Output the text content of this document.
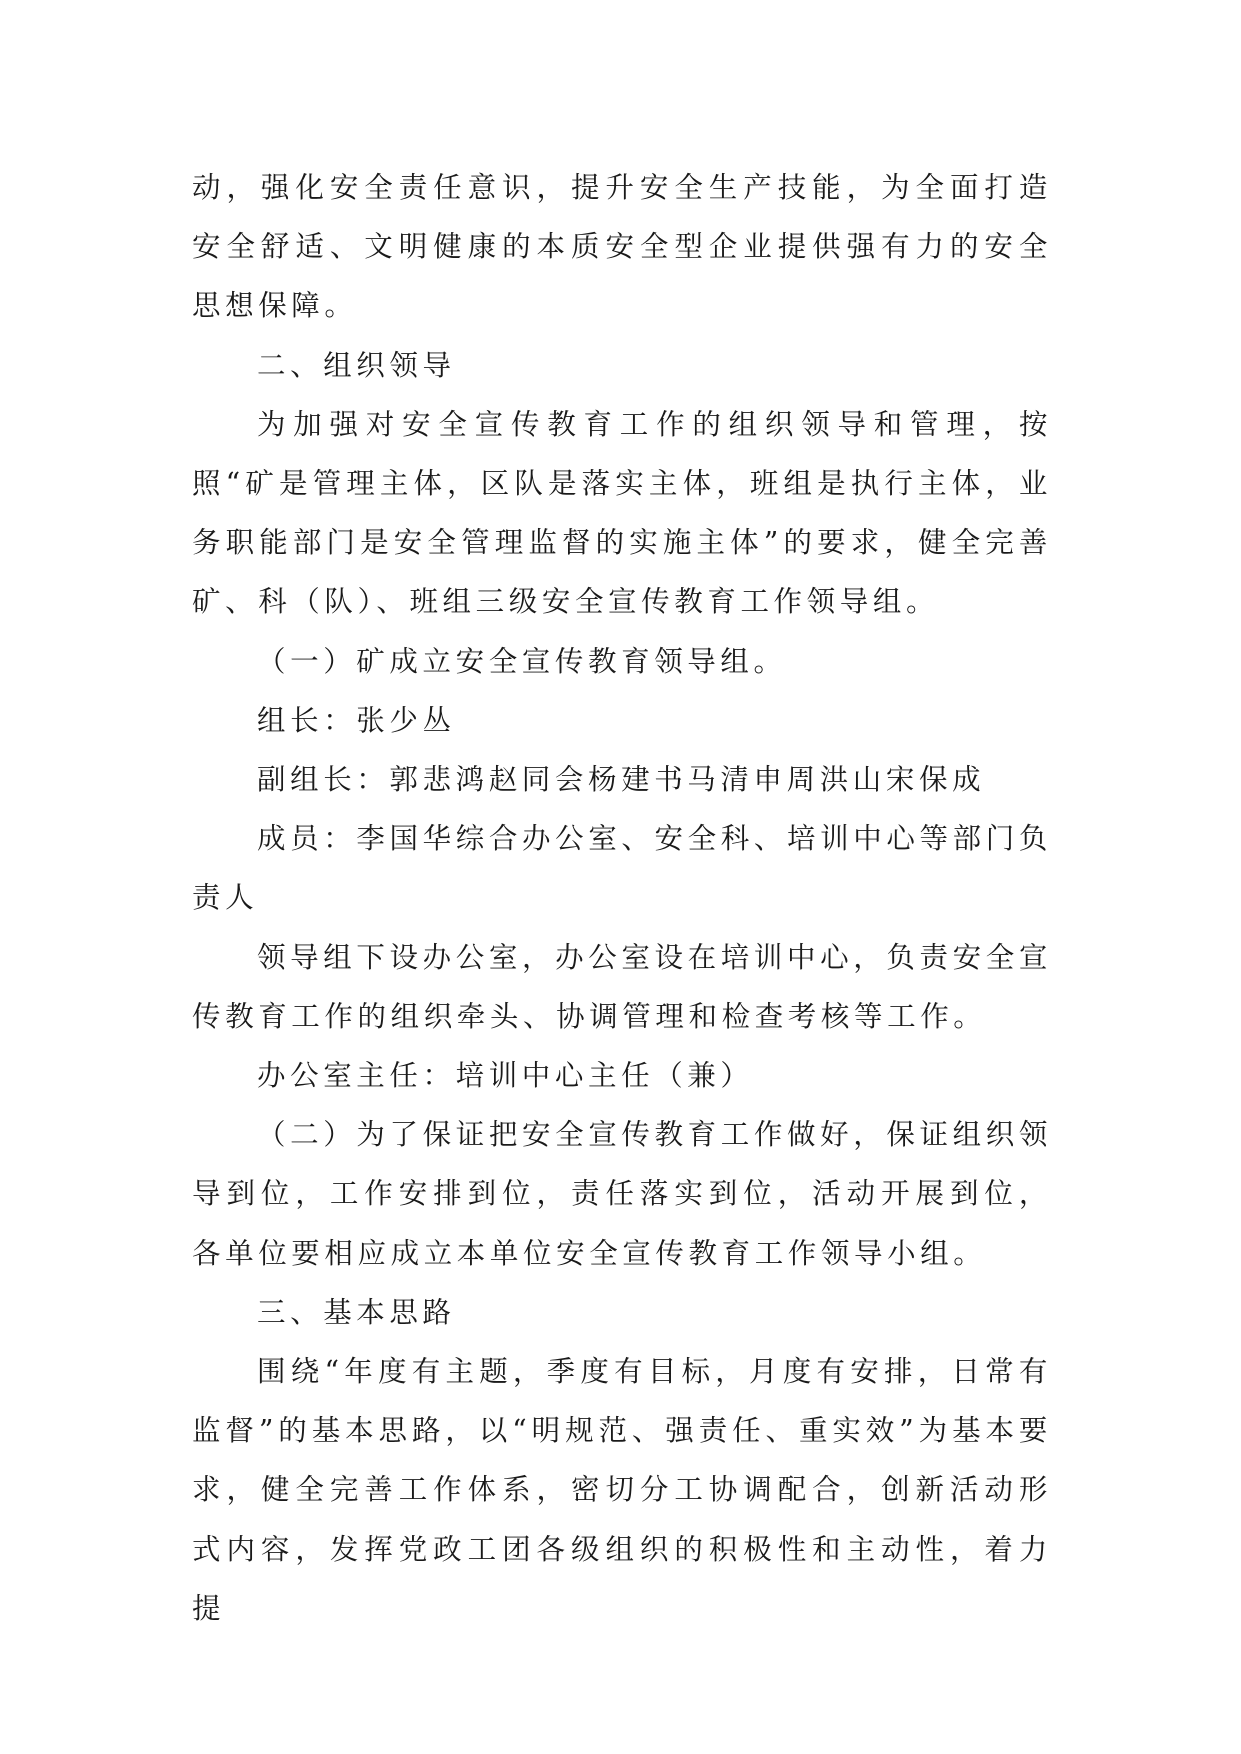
动，强化安全责任意识，提升安全生产技能，为全面打造安全舒适、文明健康的本质安全型企业提供强有力的安全思想保障。

二、组织领导

为加强对安全宣传教育工作的组织领导和管理，按照“矿是管理主体，区队是落实主体，班组是执行主体，业务职能部门是安全管理监督的实施主体”的要求，健全完善矿、科（队）、班组三级安全宣传教育工作领导组。

（一）矿成立安全宣传教育领导组。

组长：张少丛

副组长：郭悲鸿赵同会杨建书马清申周洪山宋保成

成员：李国华综合办公室、安全科、培训中心等部门负责人

领导组下设办公室，办公室设在培训中心，负责安全宣传教育工作的组织牵头、协调管理和检查考核等工作。

办公室主任：培训中心主任（兼）

（二）为了保证把安全宣传教育工作做好，保证组织领导到位，工作安排到位，责任落实到位，活动开展到位，各单位要相应成立本单位安全宣传教育工作领导小组。

三、基本思路

围绕“年度有主题，季度有目标，月度有安排，日常有监督”的基本思路，以“明规范、强责任、重实效”为基本要求，健全完善工作体系，密切分工协调配合，创新活动形式内容，发挥党政工团各级组织的积极性和主动性，着力提
